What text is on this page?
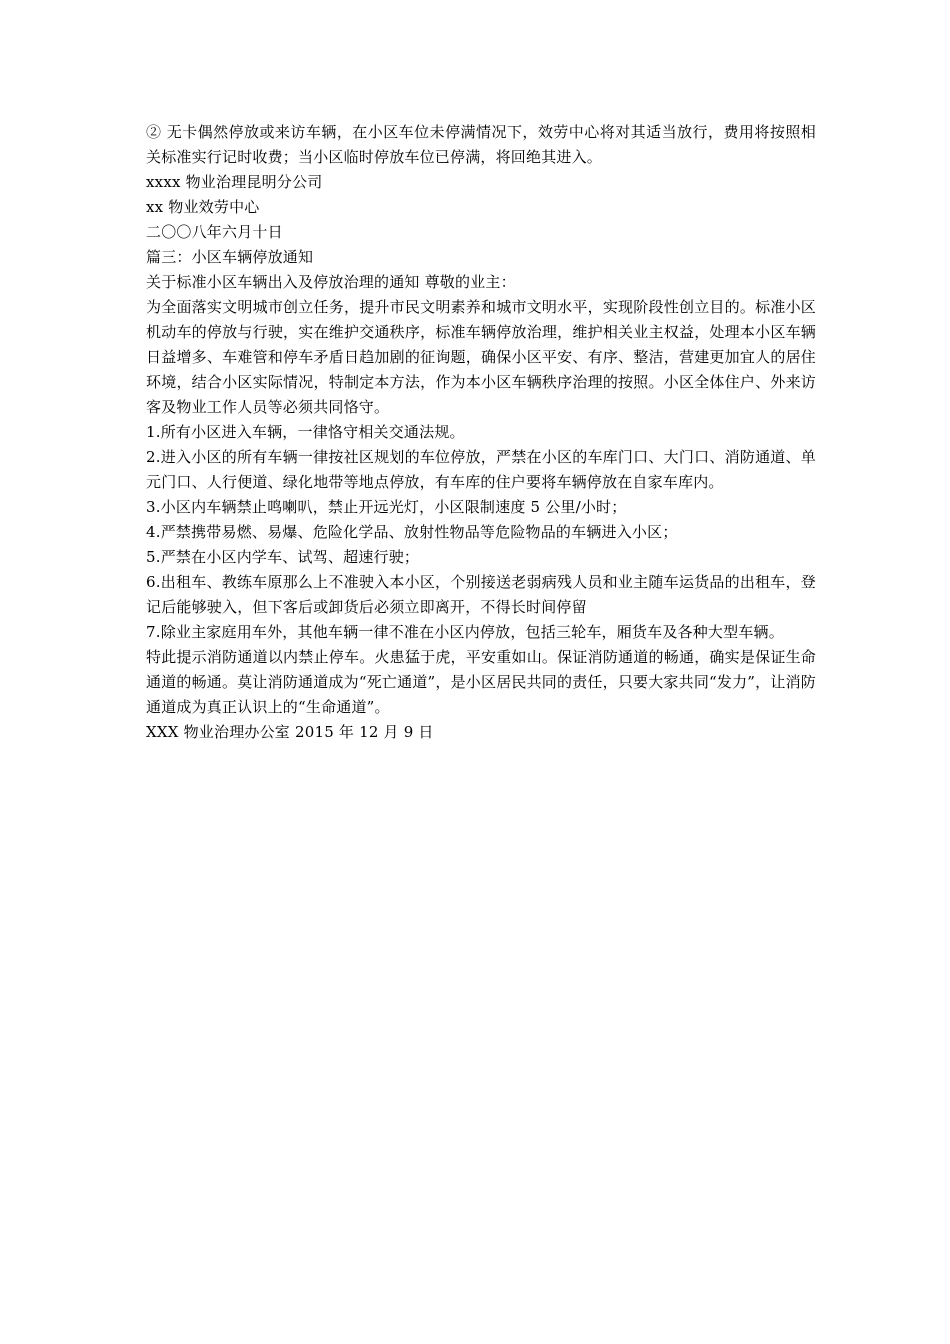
② 无卡偶然停放或来访车辆，在小区车位未停满情况下，效劳中心将对其适当放行，费用将按照相关标准实行记时收费；当小区临时停放车位已停满，将回绝其进入。

xxxx 物业治理昆明分公司

xx 物业效劳中心

二〇〇八年六月十日

篇三：小区车辆停放通知

关于标准小区车辆出入及停放治理的通知 尊敬的业主：

为全面落实文明城市创立任务，提升市民文明素养和城市文明水平，实现阶段性创立目的。标准小区机动车的停放与行驶，实在维护交通秩序，标准车辆停放治理，维护相关业主权益，处理本小区车辆日益增多、车难管和停车矛盾日趋加剧的征询题，确保小区平安、有序、整洁，营建更加宜人的居住环境，结合小区实际情况，特制定本方法，作为本小区车辆秩序治理的按照。小区全体住户、外来访客及物业工作人员等必须共同恪守。

1.所有小区进入车辆，一律恪守相关交通法规。

2.进入小区的所有车辆一律按社区规划的车位停放，严禁在小区的车库门口、大门口、消防通道、单元门口、人行便道、绿化地带等地点停放，有车库的住户要将车辆停放在自家车库内。

3.小区内车辆禁止鸣喇叭，禁止开远光灯，小区限制速度 5 公里/小时；

4.严禁携带易燃、易爆、危险化学品、放射性物品等危险物品的车辆进入小区；

5.严禁在小区内学车、试驾、超速行驶；

6.出租车、教练车原那么上不准驶入本小区，个别接送老弱病残人员和业主随车运货品的出租车，登记后能够驶入，但下客后或卸货后必须立即离开，不得长时间停留

7.除业主家庭用车外，其他车辆一律不准在小区内停放，包括三轮车，厢货车及各种大型车辆。

特此提示消防通道以内禁止停车。火患猛于虎，平安重如山。保证消防通道的畅通，确实是保证生命通道的畅通。莫让消防通道成为“死亡通道”，是小区居民共同的责任，只要大家共同“发力”，让消防通道成为真正认识上的“生命通道”。

XXX 物业治理办公室 2015 年 12 月 9 日
